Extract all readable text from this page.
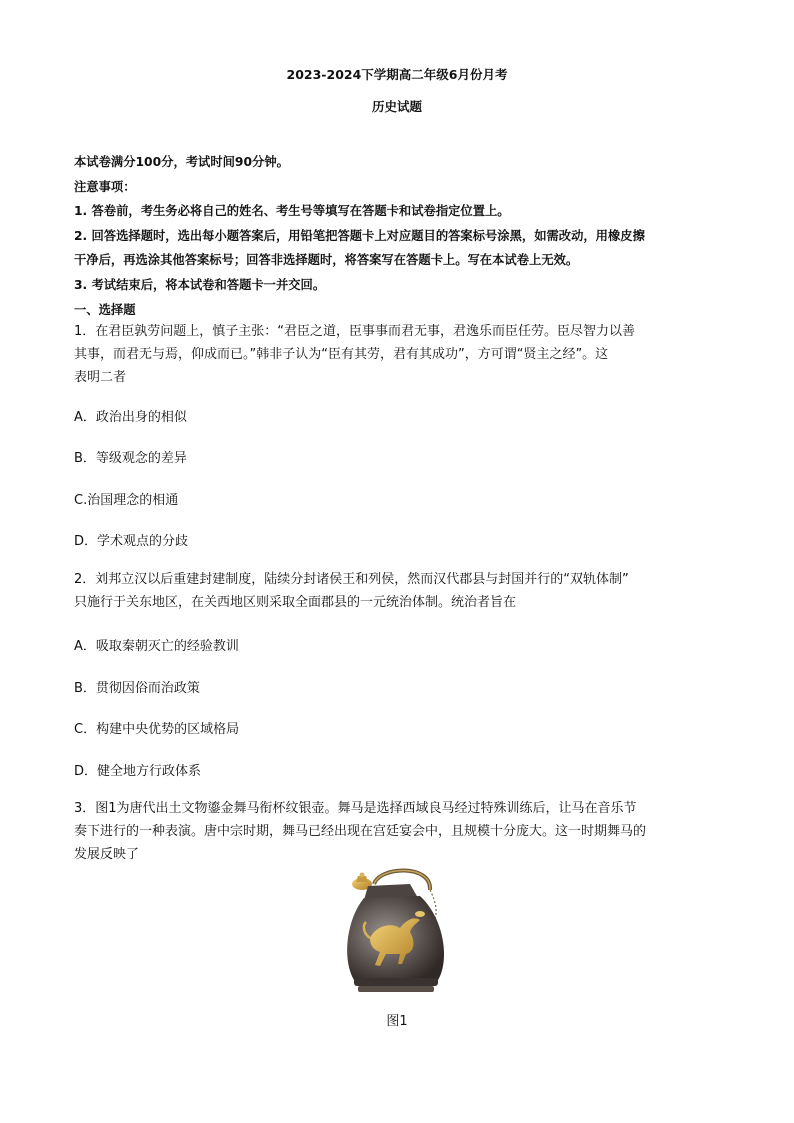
2023-2024下学期高二年级6月份月考
历史试题

本试卷满分100分，考试时间90分钟。

注意事项：

1. 答卷前，考生务必将自己的姓名、考生号等填写在答题卡和试卷指定位置上。

2. 回答选择题时，选出每小题答案后，用铅笔把答题卡上对应题目的答案标号涂黑，如需改动，用橡皮擦

干净后，再选涂其他答案标号；回答非选择题时，将答案写在答题卡上。写在本试卷上无效。

3. 考试结束后，将本试卷和答题卡一并交回。

一、选择题

1．在君臣孰劳问题上，慎子主张：“君臣之道，臣事事而君无事，君逸乐而臣任劳。臣尽智力以善

其事，而君无与焉，仰成而已。”韩非子认为“臣有其劳，君有其成功”，方可谓“贤主之经”。这

表明二者

A．政治出身的相似
B．等级观念的差异
C.治国理念的相通
D．学术观点的分歧

2．刘邦立汉以后重建封建制度，陆续分封诸侯王和列侯，然而汉代郡县与封国并行的“双轨体制”

只施行于关东地区，在关西地区则采取全面郡县的一元统治体制。统治者旨在

A．吸取秦朝灭亡的经验教训
B．贯彻因俗而治政策
C．构建中央优势的区域格局
D．健全地方行政体系

3．图1为唐代出土文物鎏金舞马衔杯纹银壶。舞马是选择西域良马经过特殊训练后，让马在音乐节

奏下进行的一种表演。唐中宗时期，舞马已经出现在宫廷宴会中，且规模十分庞大。这一时期舞马的

发展反映了

图1
